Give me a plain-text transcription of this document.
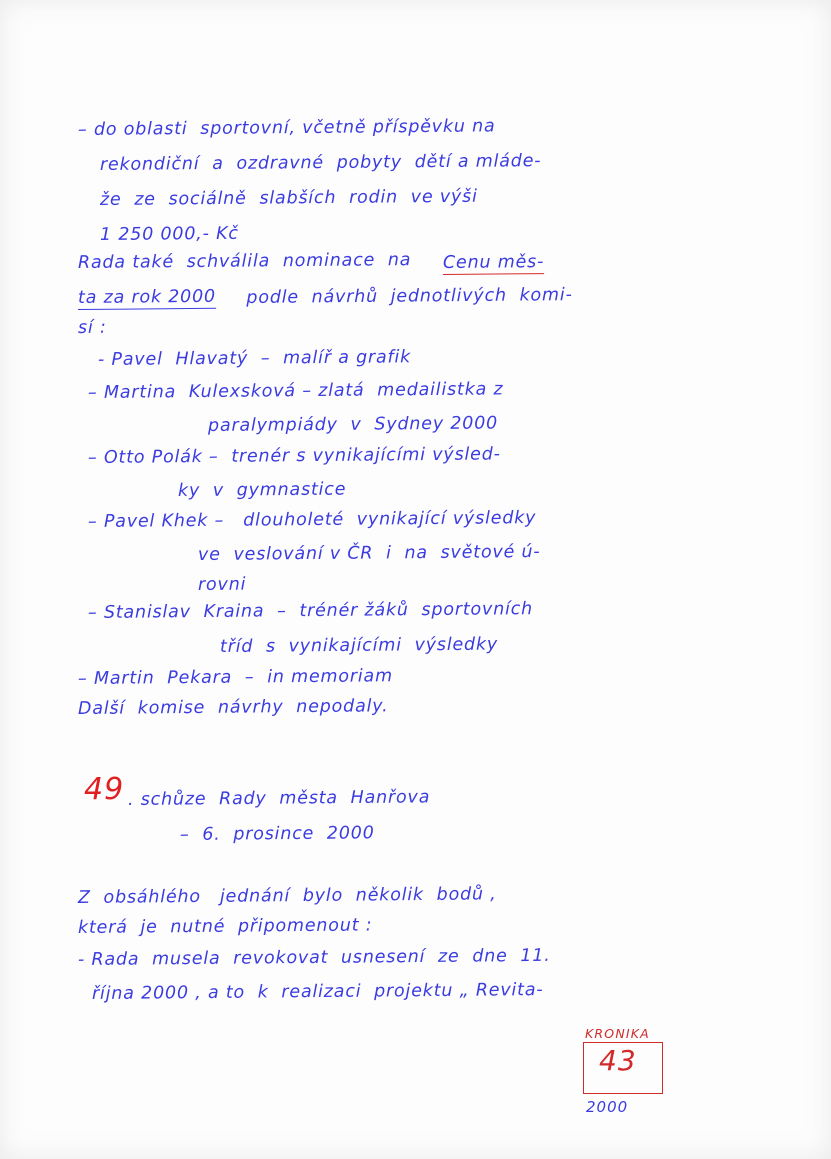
– do oblasti  sportovní, včetně příspěvku na
rekondiční  a  ozdravné  pobyty  dětí a mláde-
že  ze  sociálně  slabších  rodin  ve výši
1 250 000,- Kč
Rada také  schválila  nominace  na
ta za rok 2000 podle  návrhů  jednotlivých  komi-
sí :
- Pavel  Hlavatý  –  malíř a grafik
– Martina  Kulexsková – zlatá  medailistka z
paralympiády  v  Sydney 2000
– Otto Polák –  trenér s vynikajícími výsled-
ky  v  gymnastice
– Pavel Khek –   dlouholeté  vynikající výsledky
ve  veslování v ČR  i  na  světové ú-
rovni
– Stanislav  Kraina  –  trénér žáků  sportovních
tříd  s  vynikajícími  výsledky
– Martin  Pekara  –  in memoriam
Další  komise  návrhy  nepodaly.
. schůze  Rady  města  Hanřova
–  6.  prosince  2000
Z  obsáhlého   jednání  bylo  několik  bodů ,
která  je  nutné  připomenout :
- Rada  musela  revokovat  usnesení  ze  dne  11.
října 2000 , a to  k  realizaci  projektu „ Revita-
Cenu měs-
49
KRONIKA
43
2000
